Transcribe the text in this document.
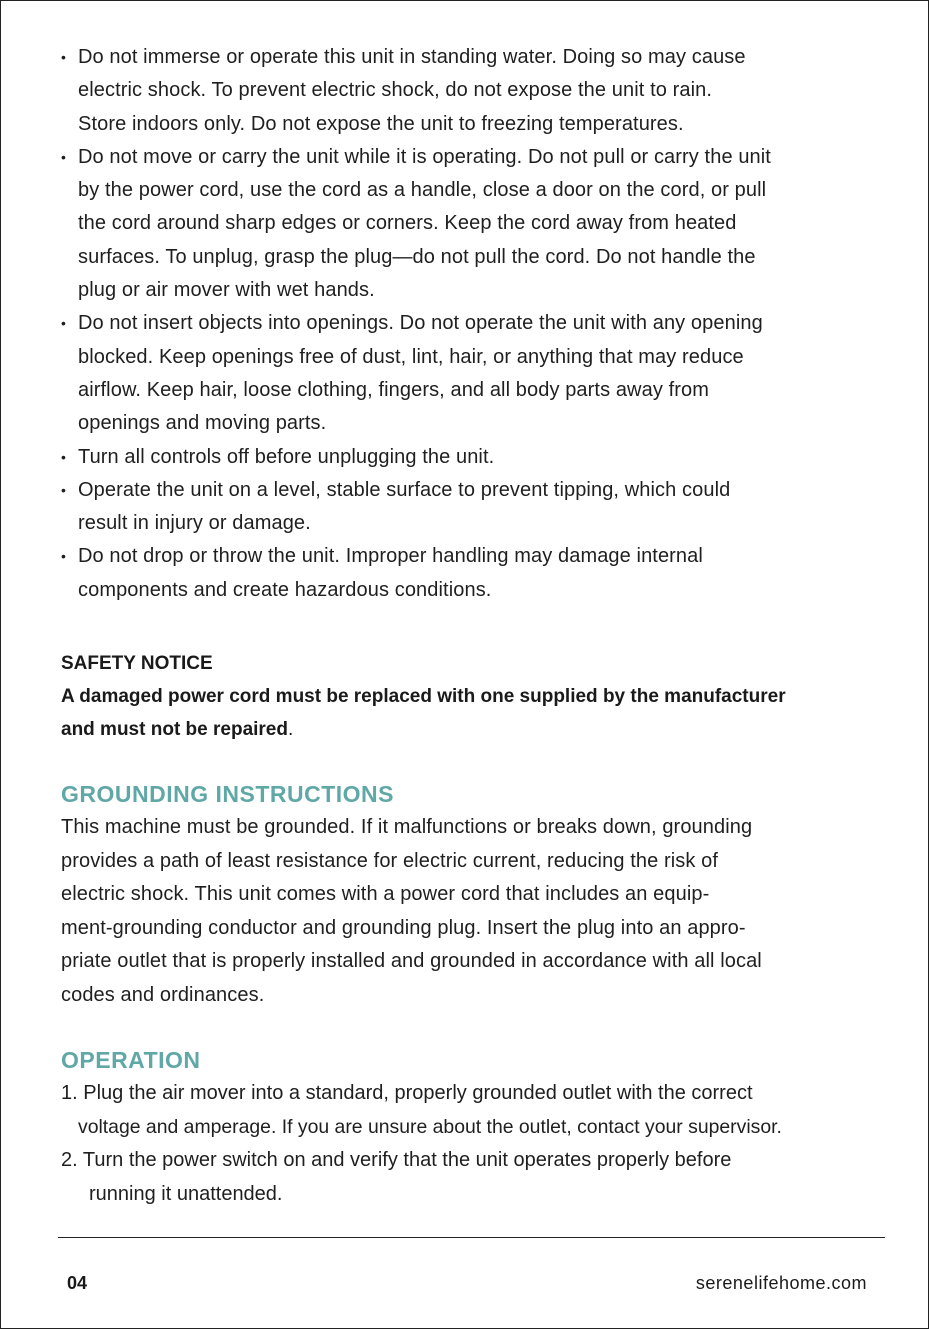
• Do not immerse or operate this unit in standing water. Doing so may cause
electric shock. To prevent electric shock, do not expose the unit to rain.
Store indoors only. Do not expose the unit to freezing temperatures.
• Do not move or carry the unit while it is operating. Do not pull or carry the unit
by the power cord, use the cord as a handle, close a door on the cord, or pull
the cord around sharp edges or corners. Keep the cord away from heated
surfaces. To unplug, grasp the plug—do not pull the cord. Do not handle the
plug or air mover with wet hands.
• Do not insert objects into openings. Do not operate the unit with any opening
blocked. Keep openings free of dust, lint, hair, or anything that may reduce
airflow. Keep hair, loose clothing, fingers, and all body parts away from
openings and moving parts.
• Turn all controls off before unplugging the unit.
• Operate the unit on a level, stable surface to prevent tipping, which could
result in injury or damage.
• Do not drop or throw the unit. Improper handling may damage internal
components and create hazardous conditions.
SAFETY NOTICE
A damaged power cord must be replaced with one supplied by the manufacturer
and must not be repaired.
GROUNDING INSTRUCTIONS
This machine must be grounded. If it malfunctions or breaks down, grounding
provides a path of least resistance for electric current, reducing the risk of
electric shock. This unit comes with a power cord that includes an equip-
ment-grounding conductor and grounding plug. Insert the plug into an appro-
priate outlet that is properly installed and grounded in accordance with all local
codes and ordinances.
OPERATION
1. Plug the air mover into a standard, properly grounded outlet with the correct
voltage and amperage. If you are unsure about the outlet, contact your supervisor.
2. Turn the power switch on and verify that the unit operates properly before
running it unattended.
04	serenelifehome.com
